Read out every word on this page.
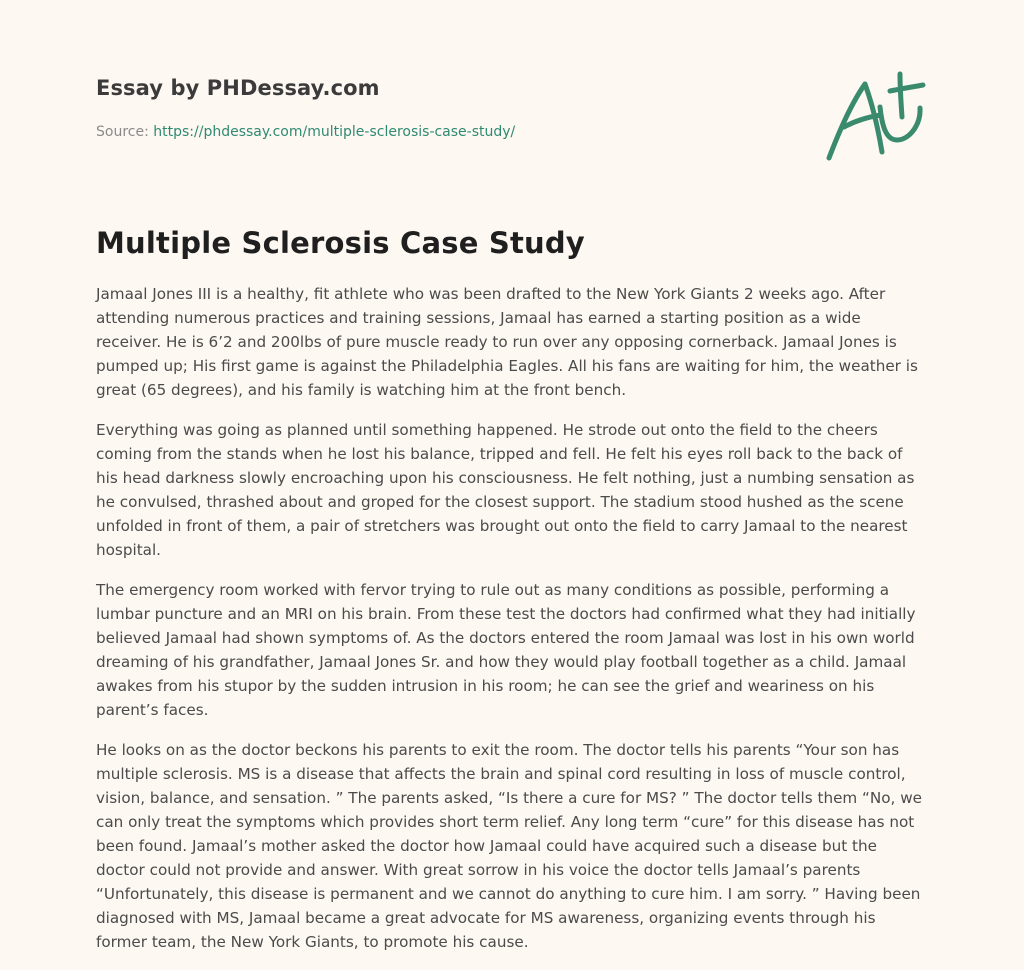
Essay by PHDessay.com
Source: https://phdessay.com/multiple-sclerosis-case-study/
Multiple Sclerosis Case Study

Jamaal Jones III is a healthy, fit athlete who was been drafted to the New York Giants 2 weeks ago. After attending numerous practices and training sessions, Jamaal has earned a starting position as a wide receiver. He is 6’2 and 200lbs of pure muscle ready to run over any opposing cornerback. Jamaal Jones is pumped up; His first game is against the Philadelphia Eagles. All his fans are waiting for him, the weather is great (65 degrees), and his family is watching him at the front bench.

Everything was going as planned until something happened. He strode out onto the field to the cheers coming from the stands when he lost his balance, tripped and fell. He felt his eyes roll back to the back of his head darkness slowly encroaching upon his consciousness. He felt nothing, just a numbing sensation as he convulsed, thrashed about and groped for the closest support. The stadium stood hushed as the scene unfolded in front of them, a pair of stretchers was brought out onto the field to carry Jamaal to the nearest hospital.

The emergency room worked with fervor trying to rule out as many conditions as possible, performing a lumbar puncture and an MRI on his brain. From these test the doctors had confirmed what they had initially believed Jamaal had shown symptoms of. As the doctors entered the room Jamaal was lost in his own world dreaming of his grandfather, Jamaal Jones Sr. and how they would play football together as a child. Jamaal awakes from his stupor by the sudden intrusion in his room; he can see the grief and weariness on his parent’s faces.

He looks on as the doctor beckons his parents to exit the room. The doctor tells his parents “Your son has multiple sclerosis. MS is a disease that affects the brain and spinal cord resulting in loss of muscle control, vision, balance, and sensation. ” The parents asked, “Is there a cure for MS? ” The doctor tells them “No, we can only treat the symptoms which provides short term relief. Any long term “cure” for this disease has not been found. Jamaal’s mother asked the doctor how Jamaal could have acquired such a disease but the doctor could not provide and answer. With great sorrow in his voice the doctor tells Jamaal’s parents “Unfortunately, this disease is permanent and we cannot do anything to cure him. I am sorry. ” Having been diagnosed with MS, Jamaal became a great advocate for MS awareness, organizing events through his former team, the New York Giants, to promote his cause.
